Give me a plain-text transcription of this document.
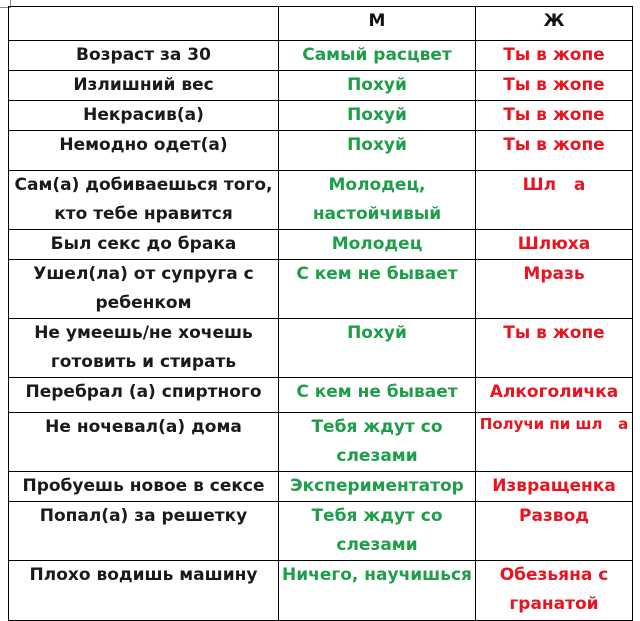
	М	Ж
Возраст за 30	Самый расцвет	Ты в жопе
Излишний вес	Похуй	Ты в жопе
Некрасив(а)	Похуй	Ты в жопе
Немодно одет(а)	Похуй	Ты в жопе
Сам(а) добиваешься того, кто тебе нравится	Молодец, настойчивый	Шл   а
Был секс до брака	Молодец	Шлюха
Ушел(ла) от супруга с ребенком	С кем не бывает	Мразь
Не умеешь/не хочешь готовить и стирать	Похуй	Ты в жопе
Перебрал (а) спиртного	С кем не бывает	Алкоголичка
Не ночевал(а) дома	Тебя ждут со слезами	Получи пи шл   а
Пробуешь новое в сексе	Экспериментатор	Извращенка
Попал(а) за решетку	Тебя ждут со слезами	Развод
Плохо водишь машину	Ничего, научишься	Обезьяна с гранатой
